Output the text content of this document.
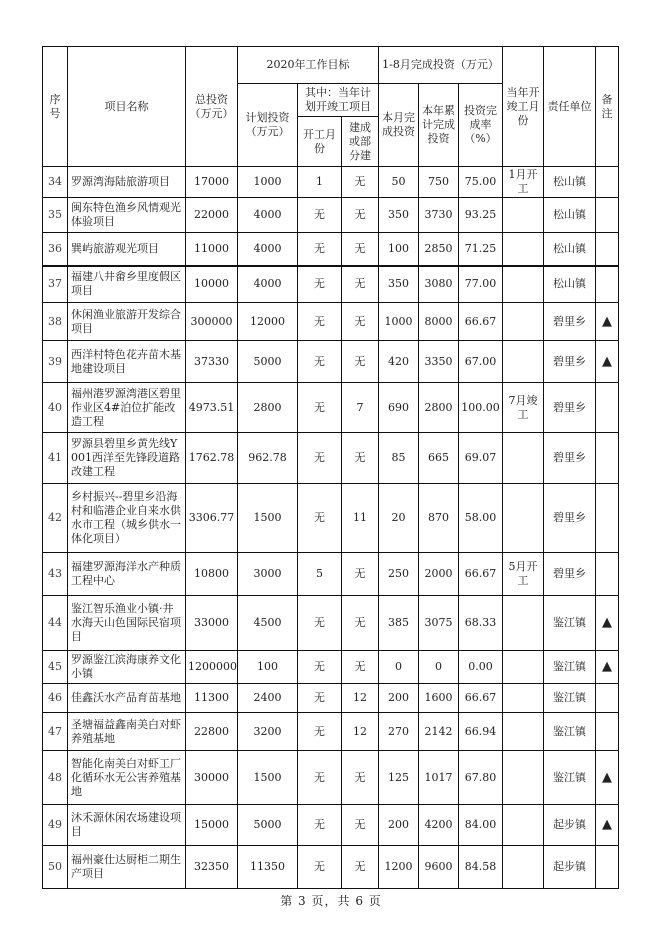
序号	项目名称	总投资（万元）	2020年工作目标			1-8月完成投资（万元）			当年开竣工月份	责任单位	备注
			计划投资（万元）	其中：当年计划开竣工项目		本月完成投资	本年累计完成投资	投资完成率（%）			
				开工月份	建成或部分建						
34	罗源湾海陆旅游项目	17000	1000	1	无	50	750	75.00	1月开工	松山镇	
35	闽东特色渔乡风情观光体验项目	22000	4000	无	无	350	3730	93.25		松山镇	
36	巽屿旅游观光项目	11000	4000	无	无	100	2850	71.25		松山镇	
37	福建八井畲乡里度假区项目	10000	4000	无	无	350	3080	77.00		松山镇	
38	休闲渔业旅游开发综合项目	300000	12000	无	无	1000	8000	66.67		碧里乡	▲
39	西洋村特色花卉苗木基地建设项目	37330	5000	无	无	420	3350	67.00		碧里乡	▲
40	福州港罗源湾港区碧里作业区4#泊位扩能改造工程	4973.51	2800	无	7	690	2800	100.00	7月竣工	碧里乡	
41	罗源县碧里乡黄先线Y001西洋至先锋段道路改建工程	1762.78	962.78	无	无	85	665	69.07		碧里乡	
42	乡村振兴--碧里乡沿海村和临港企业自来水供水市工程（城乡供水一体化项目）	3306.77	1500	无	11	20	870	58.00		碧里乡	
43	福建罗源海洋水产种质工程中心	10800	3000	5	无	250	2000	66.67	5月开工	碧里乡	
44	鉴江智乐渔业小镇·井水海天山色国际民宿项目	33000	4500	无	无	385	3075	68.33		鉴江镇	▲
45	罗源鉴江滨海康养文化小镇	1200000	100	无	无	0	0	0.00		鉴江镇	▲
46	佳鑫沃水产品育苗基地	11300	2400	无	12	200	1600	66.67		鉴江镇	
47	圣塘福益鑫南美白对虾养殖基地	22800	3200	无	12	270	2142	66.94		鉴江镇	
48	智能化南美白对虾工厂化循环水无公害养殖基地	30000	1500	无	无	125	1017	67.80		鉴江镇	▲
49	沐禾源休闲农场建设项目	15000	5000	无	无	200	4200	84.00		起步镇	▲
50	福州豪仕达厨柜二期生产项目	32350	11350	无	无	1200	9600	84.58		起步镇	
第 3 页，共 6 页
